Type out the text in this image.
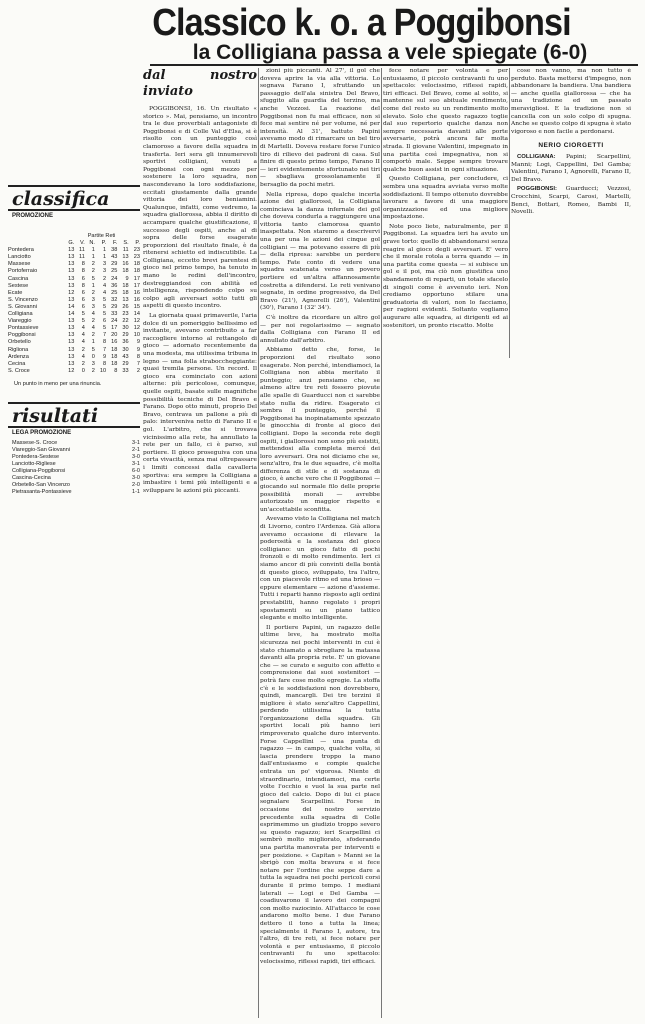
Classico k. o. a Poggibonsi
la Colligiana passa a vele spiegate (6-0)
classifica
PROMOZIONE
	Partite Reti						
	G.	V.	N.	P.	F.	S.	P.
Pontedera	13	11	1	1	38	11	23
Lanciotto	13	11	1	1	43	13	23
Massese	13	8	2	3	29	16	18
Portoferraio	13	8	2	3	25	18	18
Cascina	13	6	5	2	24	9	17
Sestese	13	8	1	4	36	18	17
Ecate	12	6	2	4	25	18	16
S. Vincenzo	13	6	3	5	32	13	16
S. Giovanni	14	6	3	5	29	26	15
Colligiana	14	5	4	5	33	23	14
Viareggio	13	5	2	6	24	22	12
Pontassieve	13	4	4	5	17	30	12
Poggibonsi	13	4	2	7	20	29	10
Orbetello	13	4	1	8	16	36	9
Rigliona	13	2	5	7	18	30	9
Ardenza	13	4	0	9	18	43	8
Cecina	13	2	3	8	18	29	7
S. Croce	12	0	2	10	8	33	2
Un punto in meno per una rinuncia.
risultati
LEGA PROMOZIONE
Massese-S. Croce	3-1
Viareggio-San Giovanni	2-1
Pontedera-Sestese	3-0
Lanciotto-Rigliese	3-1
Colligiana-Poggibonsi	6-0
Cascina-Cecina	3-0
Orbetello-San Vincenzo	2-0
Pietrasanta-Pontassieve	1-1

dal nostro inviato

POGGIBONSI, 16. Un risultato « storico ». Mai, pensiamo, un incontro tra le due proverbiali antagoniste di Poggibonsi e di Colle Val d'Elsa, si è risolto con un punteggio così clamoroso a favore della squadra in trasferta. Ieri sera gli innumerevoli sportivi colligiani, venuti a Poggibonsi con ogni mezzo per sostenere la loro squadra, non nascondevano la loro soddisfazione, eccitati giustamente dalla grande vittoria dei loro beniamini. Qualunque, infatti, come vedremo, la squadra giallorossa, abbia il diritto di accampare qualche giustificazione, il successo degli ospiti, anche al di sopra delle forse esagerate proporzioni del risultato finale, è da ritenersi schietto ed indiscutibile. La Colligiana, eccetto brevi parentesi di gioco nel primo tempo, ha tenuto in mano le redini dell'incontro, destreggiandosi con abilità ed intelligenza, rispondendo colpo su colpo agli avversari sotto tutti gli aspetti di questo incontro.

La giornata quasi primaverile, l'aria dolce di un pomeriggio bellissimo ed invitante, avevano contribuito a far raccogliere intorno al rettangolo di gioco — adornato recentemente da una modesta, ma utilissima tribuna in legno — una folla straboccheggiante: quasi tremila persone. Un record. Il gioco era cominciato con azioni alterne: più pericolose, comunque, quelle ospiti, basate sulle magnifiche possibilità tecniche di Del Bravo e Farano. Dopo otto minuti, proprio Del Bravo, centrava un pallone a più di palo: interveniva netto di Farano II e gol. L'arbitro, che si trovava vicinissimo alla rete, ha annullato la rete per un fallo, ci è parso, sul portiere. Il gioco proseguiva con una certa vivacità, senza mai oltrepassare i limiti concessi dalla cavalleria sportiva: era sempre la Colligiana a imbastire i temi più intelligenti e a sviluppare le azioni più piccanti.

zioni più piccanti. Al 27', il gol che doveva aprire la via alla vittoria. Lo segnava Farano I, sfruttando un passaggio dell'ala sinistra Del Bravo, sfuggito alla guardia del terzino, ma anche Vezzosi. La reazione del Poggibonsi non fu mai efficace, non si fece mai sentire né per volume, né per intensità. Al 31', battuto Papini avevamo modo di rimarcare un bel tiro di Martelli. Doveva restare forse l'unico tiro di rilievo dei padroni di casa. Sul finire di questo primo tempo, Farano II — ieri evidentemente sfortunato nei tiri — sbagliava grossolanamente il bersaglio da pochi metri.

Nella ripresa, dopo qualche incerta azione dei giallorossi, la Colligiana cominciava la danza infernale dei gol che doveva condurla a raggiungere una vittoria tanto clamorosa quanto inaspettata. Non staremo a descrivervi una per una le azioni dei cinque gol colligiani — ma potevano essere di più — della ripresa: sarebbe un perdere tempo. Fate conto di vedere una squadra scatenata verso un povero portiere ed un'altra affannosamente costretta a difendersi. Le reti venivano segnate, in ordine progressivo, da Del Bravo (21'), Agnorelli (26'), Valentini (30'), Farano I (32' 34').

C'è inoltre da ricordare un altro gol — per noi regolarissimo — segnato dalla Colligiana con Farano II ed annullato dall'arbitro.

Abbiamo detto che, forse, le proporzioni del risultato sono esagerate. Non perché, intendiamoci, la Colligiana non abbia meritato il punteggio; anzi pensiamo che, se almeno altre tre reti fossero piovute alle spalle di Guarducci non ci sarebbe stato nulla da ridire. Esagerato ci sembra il punteggio, perché il Poggibonsi ha inopinatamente spezzato le ginocchia di fronte al gioco dei colligiani. Dopo la seconda rete degli ospiti, i giallorossi non sono più esistiti, mettendosi alla completa mercé dei loro avversari. Ora noi diciamo che se, senz'altro, fra le due squadre, c'è molta differenza di stile e di sostanza di gioco, è anche vero che il Poggibonsi — giocando sul normale filo delle proprie possibilità morali — avrebbe autorizzato un maggior rispetto e un'accettabile sconfitta.

Avevamo visto la Colligiana nel match di Livorno, contro l'Ardenza. Già allora avevamo occasione di rilevare la poderosità e la sostanza del gioco colligiano: un gioco fatto di pochi fronzoli e di molto rendimento. Ieri ci siamo ancor di più convinti della bontà di questo gioco, sviluppato, tra l'altro, con un piacevole ritmo ed una brioso — eppure elementare — azione d'assieme. Tutti i reparti hanno risposto agli ordini prestabiliti, hanno regolato i propri spostamenti su un piano tattico elegante e molto intelligente.

Il portiere Papini, un ragazzo delle ultime leve, ha mostrato molta sicurezza nei pochi interventi in cui è stato chiamato a sbrogliare la matassa davanti alla propria rete. E' un giovane che — se curato e seguito con affetto e comprensione dai suoi sostenitori — potrà fare cose molto egregie. La stoffa c'è e le soddisfazioni non dovrebbero, quindi, mancargli. Dei tre terzini il migliore è stato senz'altro Cappellini, perdendo utilissima la tutta l'organizzazione della squadra. Gli sportivi locali più hanno ieri rimproverato qualche duro intervento. Forse Cappellini — una punta di ragazzo — in campo, qualche volta, si lascia prendere troppo la mano dall'entusiasmo e compie qualche entrata un po' vigorosa. Niente di straordinario, intendiamoci, ma certe volte l'occhio e vuol la sua parte nel gioco del calcio. Dopo di lui ci piace segnalare Scarpellini. Forse in occasione del nostro servizio precedente sulla squadra di Colle esprimemmo un giudizio troppo severo su questo ragazzo; ieri Scarpellini ci sembrò molto migliorato, sfoderando una partita manovrata per interventi e per posizione. « Capitan » Manni se la sbrigò con molta bravura e si fece notare per l'ordine che seppe dare a tutta la squadra nei pochi pericoli corsi durante il primo tempo. I mediani laterali — Logi e Del Gamba — coadiuvarono il lavoro dei compagni con molto raziocinio. All'attacco le cose andarono molto bene. I due Farano dettero il tono a tutta la linea; specialmente il Farano I, autore, tra l'altro, di tre reti, si fece notare per volontà e per entusiasmo, il piccolo centravanti fu uno spettacolo: velocissimo, riflessi rapidi, tiri efficaci.

fece notare per volontà e per entusiasmo, il piccolo centravanti fu uno spettacolo: velocissimo, riflessi rapidi, tiri efficaci. Del Bravo, come al solito, si mantenne sul suo abituale rendimento, come del resto su un rendimento molto elevato. Solo che questo ragazzo toglie dal suo repertorio qualche danza non sempre necessaria davanti alle porte avversarie, potrà ancora far molta strada. Il giovane Valentini, impegnato in una partita così impegnativa, non si comportò male. Seppe sempre trovare qualche buon assist in ogni situazione.

Questo Colligiana, per concludere, ci sembra una squadra avviata verso molte soddisfazioni. Il tempo ottenuto dovrebbe lavorare a favore di una maggiore organizzazione ed una migliore impostazione.

Note poco liete, naturalmente, per il Poggibonsi. La squadra ieri ha avuto un grave torto: quello di abbandonarsi senza reagire al gioco degli avversari. E' vero che il morale rotola a terra quando — in una partita come questa — si subisce un gol e il poi, ma ciò non giustifica uno sbandamento di reparti, un totale sfacelo di singoli come è avvenuto ieri. Non crediamo opportuno stilare una graduatoria di valori, non lo facciamo, per ragioni evidenti. Soltanto vogliamo augurare alle squadra, ai dirigenti ed ai sostenitori, un pronto riscatto. Molte

cose non vanno, ma non tutto è perduto. Basta mettersi d'impegno, non abbandonare la bandiera. Una bandiera — anche quella giallorossa — che ha una tradizione ed un passato meravigliosi. E la tradizione non si cancella con un solo colpo di spugna. Anche se questo colpo di spugna è stato vigoroso e non facile a perdonarsi.

NERIO CIORGETTI

COLLIGIANA: Papini; Scarpellini, Manni; Logi, Cappellini, Del Gamba; Valentini, Farano I, Agnorelli, Farano II, Del Bravo.

POGGIBONSI: Guarducci; Vezzosi, Crocchini, Scarpi, Carosi, Martelli, Benci, Bottari, Romeo, Bambi II, Novelli.
